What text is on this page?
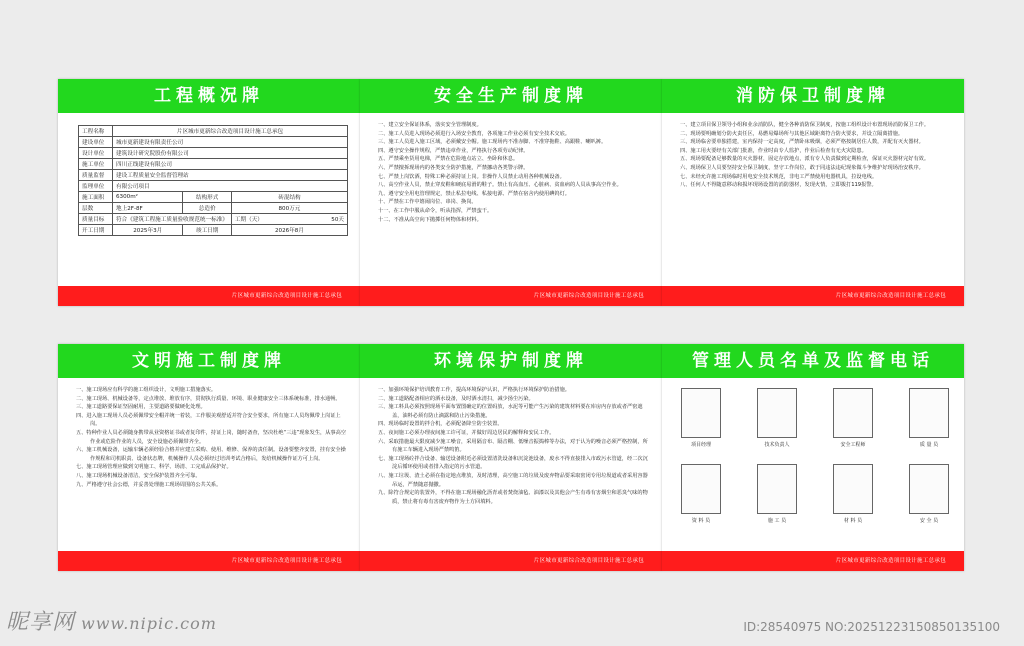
工程概况牌
工程名称	片区城市更新综合改造项目设计施工总承包		
建设单位	城市更新建设有限责任公司		
设计单位	建筑设计研究院股份有限公司		
施工单位	四川正线建设有限公司		
质量监督	建设工程质量安全监督管理站		
监理单位	有限公司项目		
施工面积	6300m²	结构形式	砖混结构
层数	地上2F-8F	总造价	800万元
质量目标	符合《建筑工程施工质量验收规范统一标准》		工期（天） 50天

开工日期	2025年3月	竣工日期	2026年8月
片区城市更新综合改造项目设计施工总承包
安全生产制度牌
一、建立安全保证体系，落实安全管理制度。
二、施工人员进入现场必须进行入场安全教育，各项施工作业必须有安全技术交底。
三、施工人员进入施工区域，必须戴安全帽。施工现场内不准赤脚、不准穿拖鞋、高跟鞋、喇叭裤。
四、遵守安全操作规程，严禁违章作业，严格执行各项劳动纪律。
五、严禁乘坐货用电梯，严禁在危险地点站立、坐卧和休息。
六、严禁擅拆现场内的各类安全防护措施，严禁挪动各类警示牌。
七、严禁上岗饮酒，特殊工种必须持证上岗。非操作人员禁止动用各种机械设备。
八、高空作业人员，禁止穿皮鞋和硬底易滑的鞋子。禁止有高血压、心脏病、贫血病的人员从事高空作业。
九、遵守安全用电管理规定，禁止私拉电线、私接电源、严禁在宿舍内使用碘钨灯。
十、严禁在工作中嬉闹岗位、串岗、换岗。
十一、在工作中服从命令，听从指挥，严禁蛮干。
十二、不准从高空向下抛掷任何物体和材料。
片区城市更新综合改造项目设计施工总承包
消防保卫制度牌
一、建立项目保卫领导小组和业余消防队，健全各种消防保卫制度，按施工组织设计布置现场消防保卫工作。
二、现场要明确划分防火责任区，易燃易爆场所与其他区域距离符合防火要求，并设立隔离措施。
三、现场临舍要单独搭建，室内保持一定高度，严禁卧床吸烟，必须严格按制居住人数，并配有灭火器材。
四、施工用火要经有关部门批准，作业时由专人监护，作业后检查有无火灾隐患。
五、现场要配备足够数量的灭火器材，固定存放地点，派有专人负责做到定期检查，保证灭火器材完好有效。
六、现场保卫人员要坚持安全保卫制度，坚守工作岗位，敢于同违法违纪现象做斗争维护好现场治安秩序。
七、未经允许施工现场临时用电安全技术规范，非电工严禁使用电器机具，拉设电线。
八、任何人不得随意移动和损坏现场设置的消防器材，发现火情，立即拨打119报警。
片区城市更新综合改造项目设计施工总承包
文明施工制度牌
一、施工现场应有科学的施工组织设计，文明施工措施落实。
二、施工现场、机械设备等，定点堆放、堆放有序，贯彻执行质量、环境、职业健康安全三体系统标准，排水通畅。
三、施工道路要保证坚固耐用，主要道路要做硬化处理。
四、进入施工现场人员必须佩带安全帽并统一着装，工作服美观舒适并符合安全要求，所有施工人员均佩带上岗证上岗。
五、特种作业人员必须随身携带从业资格证书或者复印件，持证上岗，随时备查，坚决杜绝“三违”现象发生，从事高空作业或危险作业的人员，安全设施必须佩带齐全。
六、施工机械设备，运输车辆必须经验合格并应建立采购、使用、维修、保养的责任制。设备要整齐安置，挂有安全操作规程和司机职责、设备状态牌，机械操作人员必须经过培训考试合格后，发给机械操作证方可上岗。
七、施工现场管理应做到文明施工、科学、场清、工完成品保护好。
八、施工现场机械设备清洁，安全保护装置齐全可靠。
九、严格遵守社会公德，并妥善处理施工现场周围的公共关系。
片区城市更新综合改造项目设计施工总承包
环境保护制度牌
一、加强环境保护培训教育工作，提高环境保护认识，严格执行环境保护防治措施。
二、施工道路配备相应的洒水设备，及时洒水清扫，减少扬尘污染。
三、施工料具必须按照现场平面布置图确定的位置码放，水泥等可能产生污染的建筑材料要在库房内存放或者严密遮盖，油料必须有防止滴露和防止污染措施。
四、现场临时设置的拌合机，必须配备降尘防尘装置。
五、夜间施工必须办理夜间施工许可证，并做好周边居民的解释和安民工作。
六、采取措施最大限度减少施工噪音，采用隔音布、隔音棚、低噪音振捣棒等办法，对于认为的噪音必须严格控制，所有施工车辆进入现场严禁鸣笛。
七、施工现场砼拌合设备、输送设备附近必须设置清洗设备和沉淀池设备，废水不得直接排入市政污水管道，经二次沉淀后循环使用或者排入指定的污水管道。
八、施工垃圾、渣土必须在指定地点堆放，及时清理，高空施工的垃圾及废弃物品要采取密闭专用垃圾道或者采用容器吊运，严禁随意抛撒。
九、除符合规定的装置外，不得在施工现场融化沥青或者焚烧油毡、油漆以及其他会产生有毒有害烟尘和恶臭气味的物质，禁止将有毒有害废弃物作为土方回填料。
片区城市更新综合改造项目设计施工总承包
管理人员名单及监督电话
项目经理	技术负责人	安全工程师	质 量 员
资 料 员	施 工 员	材 料 员	安 全 员
片区城市更新综合改造项目设计施工总承包
昵享网 www.nipic.com	ID:28540975 NO:20251223150850135100
